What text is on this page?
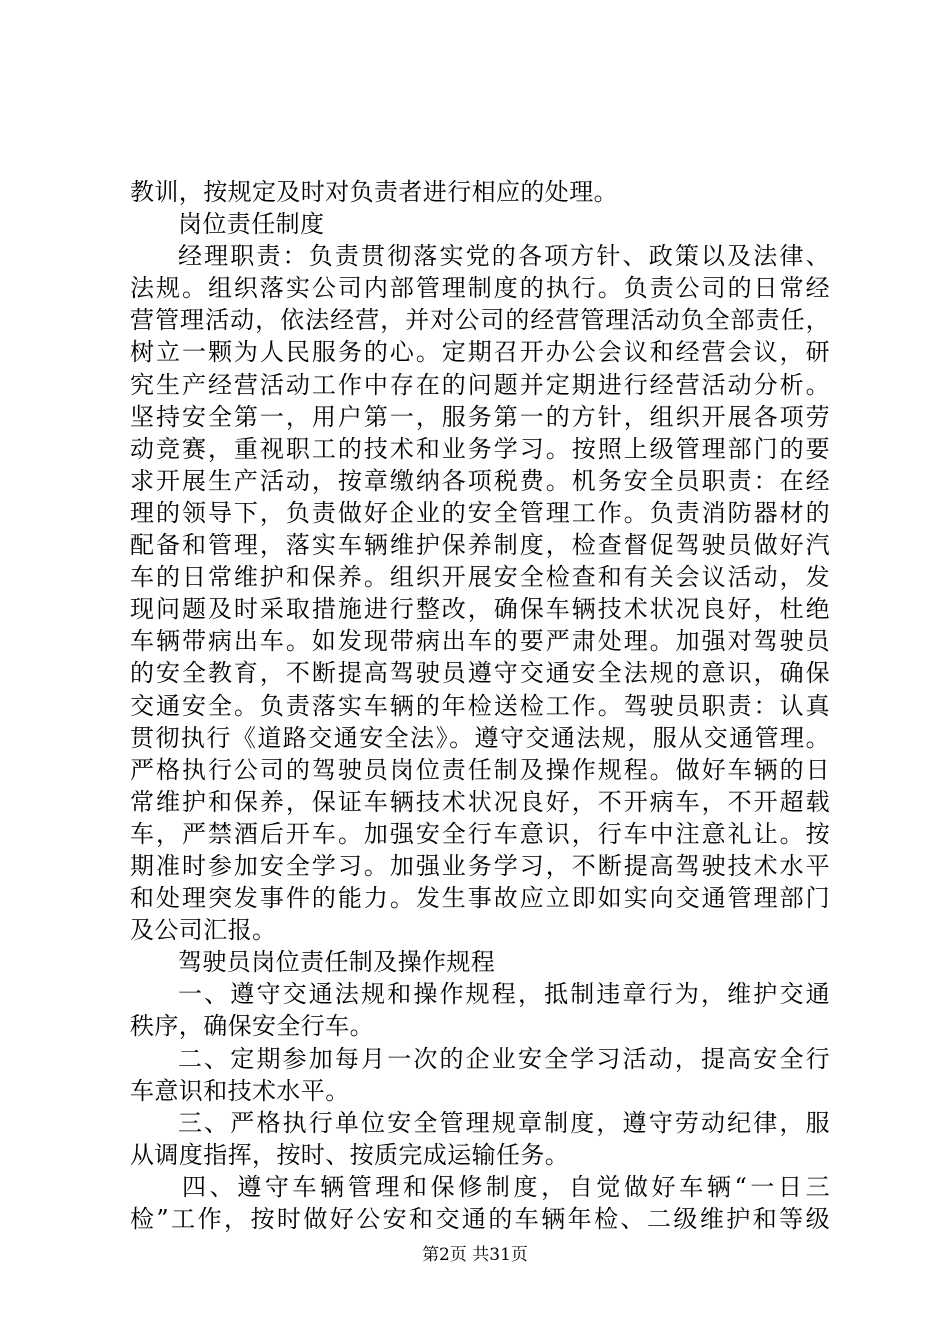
教训，按规定及时对负责者进行相应的处理。
岗位责任制度
经理职责：负责贯彻落实党的各项方针、政策以及法律、
法规。组织落实公司内部管理制度的执行。负责公司的日常经
营管理活动，依法经营，并对公司的经营管理活动负全部责任，
树立一颗为人民服务的心。定期召开办公会议和经营会议，研
究生产经营活动工作中存在的问题并定期进行经营活动分析。
坚持安全第一，用户第一，服务第一的方针，组织开展各项劳
动竞赛，重视职工的技术和业务学习。按照上级管理部门的要
求开展生产活动，按章缴纳各项税费。机务安全员职责：在经
理的领导下，负责做好企业的安全管理工作。负责消防器材的
配备和管理，落实车辆维护保养制度，检查督促驾驶员做好汽
车的日常维护和保养。组织开展安全检查和有关会议活动，发
现问题及时采取措施进行整改，确保车辆技术状况良好，杜绝
车辆带病出车。如发现带病出车的要严肃处理。加强对驾驶员
的安全教育，不断提高驾驶员遵守交通安全法规的意识，确保
交通安全。负责落实车辆的年检送检工作。驾驶员职责：认真
贯彻执行《道路交通安全法》。遵守交通法规，服从交通管理。
严格执行公司的驾驶员岗位责任制及操作规程。做好车辆的日
常维护和保养，保证车辆技术状况良好，不开病车，不开超载
车，严禁酒后开车。加强安全行车意识，行车中注意礼让。按
期准时参加安全学习。加强业务学习，不断提高驾驶技术水平
和处理突发事件的能力。发生事故应立即如实向交通管理部门
及公司汇报。
驾驶员岗位责任制及操作规程
一、遵守交通法规和操作规程，抵制违章行为，维护交通
秩序，确保安全行车。
二、定期参加每月一次的企业安全学习活动，提高安全行
车意识和技术水平。
三、严格执行单位安全管理规章制度，遵守劳动纪律，服
从调度指挥，按时、按质完成运输任务。
四、遵守车辆管理和保修制度，自觉做好车辆“一日三
检”工作，按时做好公安和交通的车辆年检、二级维护和等级
第2页 共31页
